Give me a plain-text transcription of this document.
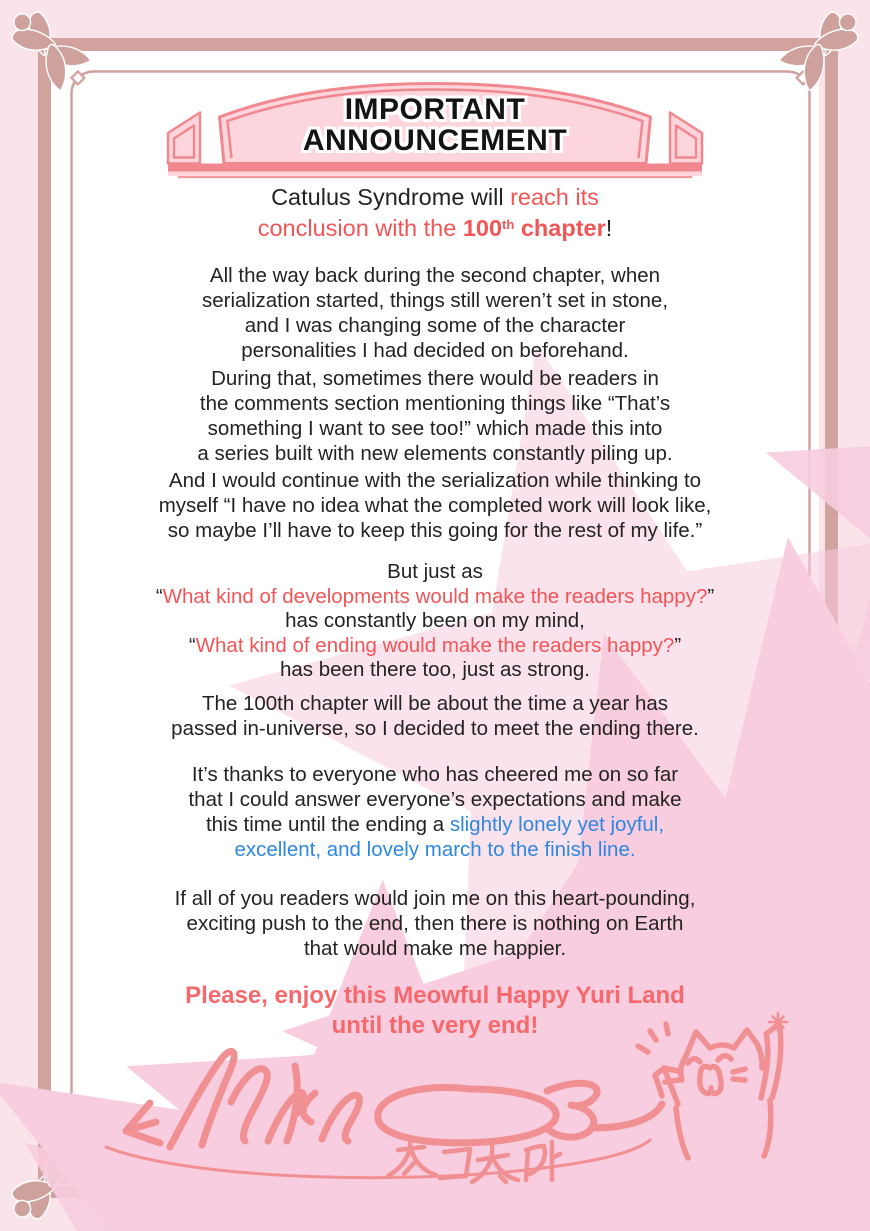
IMPORTANT
ANNOUNCEMENT
Catulus Syndrome will reach its
conclusion with the 100th chapter!
All the way back during the second chapter, when
serialization started, things still weren’t set in stone,
and I was changing some of the character
personalities I had decided on beforehand.
During that, sometimes there would be readers in
the comments section mentioning things like “That’s
something I want to see too!” which made this into
a series built with new elements constantly piling up.
And I would continue with the serialization while thinking to
myself “I have no idea what the completed work will look like,
so maybe I’ll have to keep this going for the rest of my life.”
But just as
“What kind of developments would make the readers happy?”
has constantly been on my mind,
“What kind of ending would make the readers happy?”
has been there too, just as strong.
The 100th chapter will be about the time a year has
passed in-universe, so I decided to meet the ending there.
It’s thanks to everyone who has cheered me on so far
that I could answer everyone’s expectations and make
this time until the ending a slightly lonely yet joyful,
excellent, and lovely march to the finish line.
If all of you readers would join me on this heart-pounding,
exciting push to the end, then there is nothing on Earth
that would make me happier.
Please, enjoy this Meowful Happy Yuri Land
until the very end!
